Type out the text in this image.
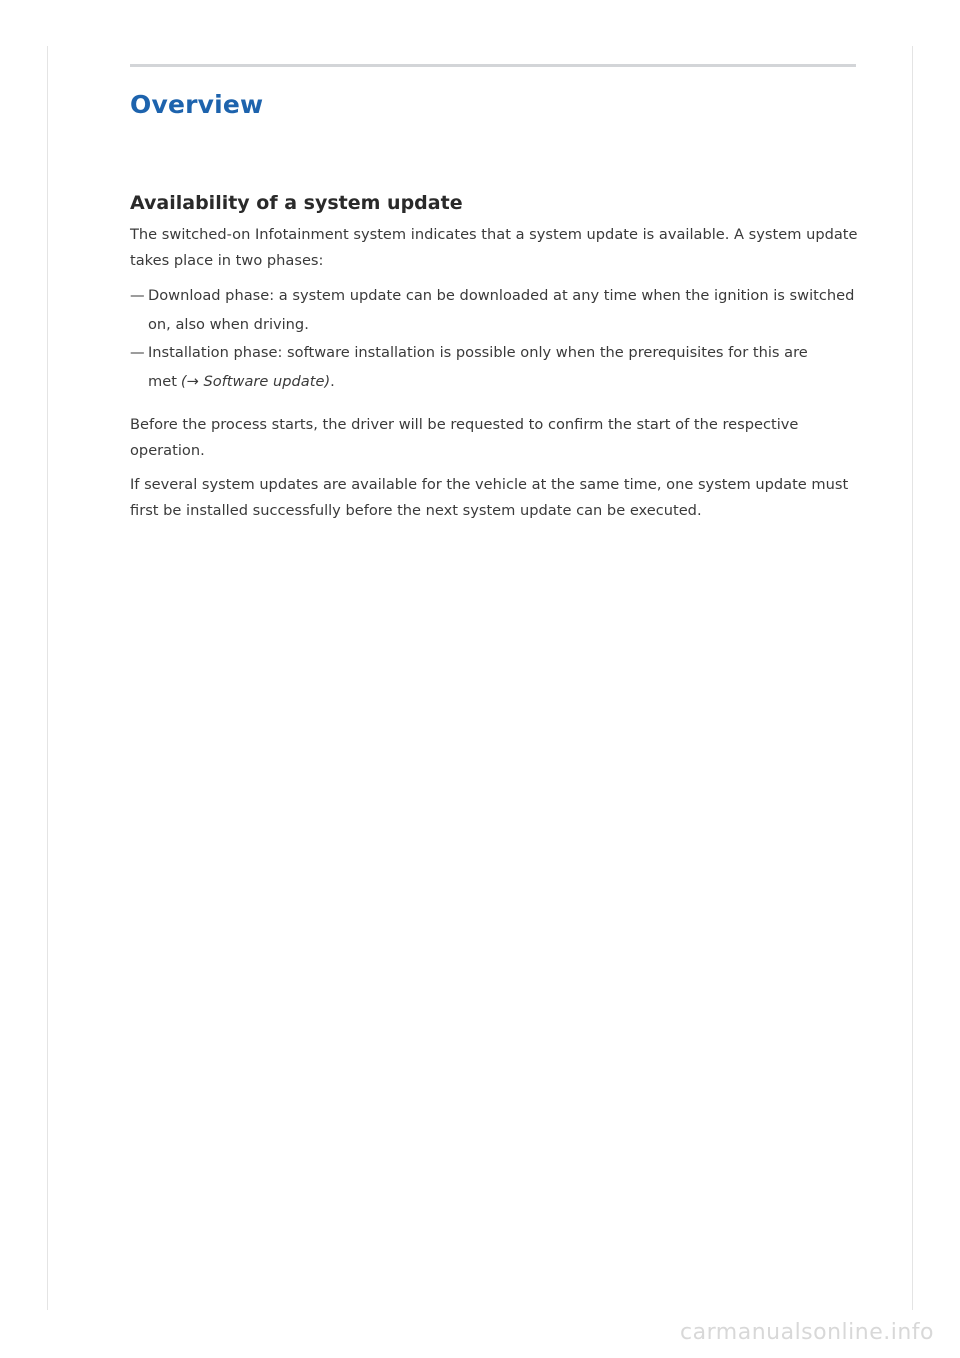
Overview
Availability of a system update

The switched-on Infotainment system indicates that a system update is available. A system update takes place in two phases:

— Download phase: a system update can be downloaded at any time when the ignition is switched on, also when driving.
— Installation phase: software installation is possible only when the prerequisites for this are met (→ Software update).

Before the process starts, the driver will be requested to confirm the start of the respective operation.

If several system updates are available for the vehicle at the same time, one system update must first be installed successfully before the next system update can be executed.

carmanualsonline.info
